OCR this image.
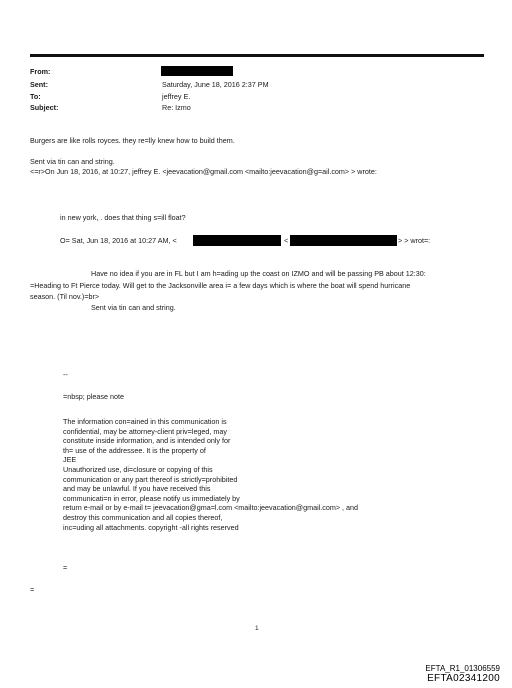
From:
Sent:
To:
Subject:
Saturday, June 18, 2016 2:37 PM
jeffrey E.
Re: Izmo
Burgers are like rolls royces. they re=lly knew how to build them.
Sent via tin can and string.
<=r>On Jun 18, 2016, at 10:27, jeffrey E. <jeevacation@gmail.com <mailto:jeevacation@g=ail.com> > wrote:
in new york, . does that thing s=ill float?
O= Sat, Jun 18, 2016 at 10:27 AM, <	<	> > wrot=:
Have no idea if you are in FL but I am h=ading up the coast on IZMO and will be passing PB about 12:30:
=Heading to Ft Pierce today. Will get to the Jacksonville area i= a few days which is where the boat will spend hurricane
season. (Til nov.)=br>
Sent via tin can and string.
--
=nbsp; please note
The information con=ained in this communication is
confidential, may be attorney-client priv=leged, may
constitute inside information, and is intended only for
th= use of the addressee. It is the property of
JEE
Unauthorized use, di=closure or copying of this
communication or any part thereof is strictly=prohibited
and may be unlawful. If you have received this
communicati=n in error, please notify us immediately by
return e-mail or by e-mail t= jeevacation@gma=l.com <mailto:jeevacation@gmail.com> , and
destroy this communication and all copies thereof,
inc=uding all attachments. copyright -all rights reserved
=
=
1
EFTA_R1_01306559
EFTA02341200
